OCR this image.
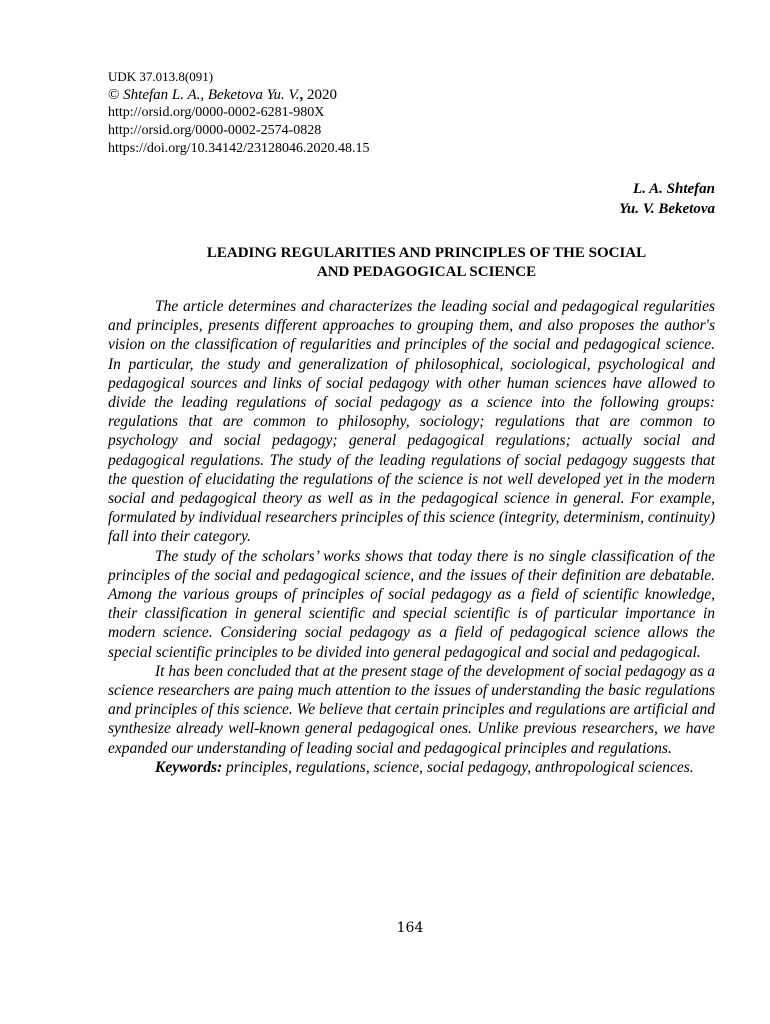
UDK 37.013.8(091)
© Shtefan L. A., Beketova Yu. V., 2020
http://orsid.org/0000-0002-6281-980X
http://orsid.org/0000-0002-2574-0828
https://doi.org/10.34142/23128046.2020.48.15
L. A. Shtefan
Yu. V. Beketova
LEADING REGULARITIES AND PRINCIPLES OF THE SOCIAL
AND PEDAGOGICAL SCIENCE

The article determines and characterizes the leading social and pedagogical regularities and principles, presents different approaches to grouping them, and also proposes the author's vision on the classification of regularities and principles of the social and pedagogical science. In particular, the study and generalization of philosophical, sociological, psychological and pedagogical sources and links of social pedagogy with other human sciences have allowed to divide the leading regulations of social pedagogy as a science into the following groups: regulations that are common to philosophy, sociology; regulations that are common to psychology and social pedagogy; general pedagogical regulations; actually social and pedagogical regulations. The study of the leading regulations of social pedagogy suggests that the question of elucidating the regulations of the science is not well developed yet in the modern social and pedagogical theory as well as in the pedagogical science in general. For example, formulated by individual researchers principles of this science (integrity, determinism, continuity) fall into their category.

The study of the scholars’ works shows that today there is no single classification of the principles of the social and pedagogical science, and the issues of their definition are debatable. Among the various groups of principles of social pedagogy as a field of scientific knowledge, their classification in general scientific and special scientific is of particular importance in modern science. Considering social pedagogy as a field of pedagogical science allows the special scientific principles to be divided into general pedagogical and social and pedagogical.

It has been concluded that at the present stage of the development of social pedagogy as a science researchers are paing much attention to the issues of understanding the basic regulations and principles of this science. We believe that certain principles and regulations are artificial and synthesize already well-known general pedagogical ones. Unlike previous researchers, we have expanded our understanding of leading social and pedagogical principles and regulations.

Keywords: principles, regulations, science, social pedagogy, anthropological sciences.

164
